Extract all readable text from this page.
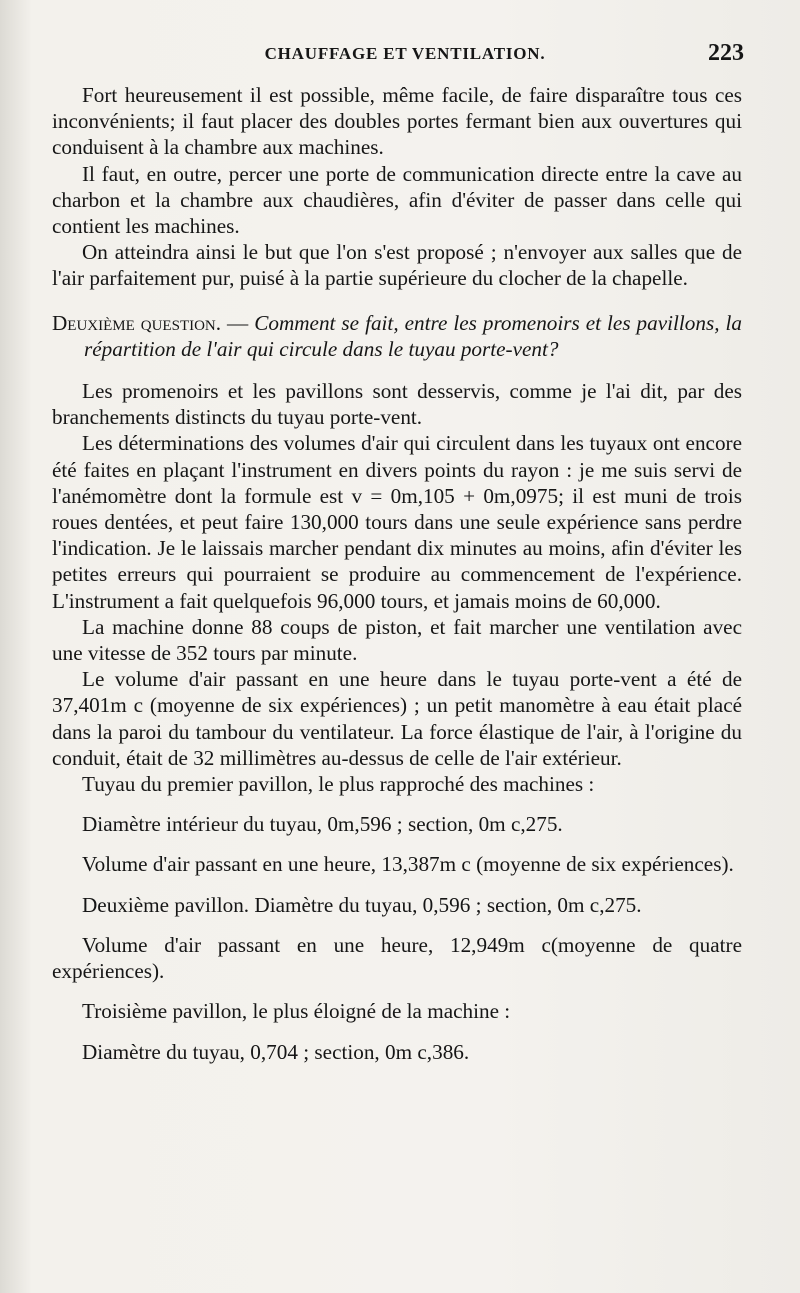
CHAUFFAGE ET VENTILATION.	223

Fort heureusement il est possible, même facile, de faire disparaître tous ces inconvénients; il faut placer des doubles portes fermant bien aux ouvertures qui conduisent à la chambre aux machines.

Il faut, en outre, percer une porte de communication directe entre la cave au charbon et la chambre aux chaudières, afin d'éviter de passer dans celle qui contient les machines.

On atteindra ainsi le but que l'on s'est proposé ; n'envoyer aux salles que de l'air parfaitement pur, puisé à la partie supérieure du clocher de la chapelle.

Deuxième question. — Comment se fait, entre les promenoirs et les pavillons, la répartition de l'air qui circule dans le tuyau porte-vent?

Les promenoirs et les pavillons sont desservis, comme je l'ai dit, par des branchements distincts du tuyau porte-vent.

Les déterminations des volumes d'air qui circulent dans les tuyaux ont encore été faites en plaçant l'instrument en divers points du rayon : je me suis servi de l'anémomètre dont la formule est v = 0m,105 + 0m,0975; il est muni de trois roues dentées, et peut faire 130,000 tours dans une seule expérience sans perdre l'indication. Je le laissais marcher pendant dix minutes au moins, afin d'éviter les petites erreurs qui pourraient se produire au commencement de l'expérience. L'instrument a fait quelquefois 96,000 tours, et jamais moins de 60,000.

La machine donne 88 coups de piston, et fait marcher une ventilation avec une vitesse de 352 tours par minute.

Le volume d'air passant en une heure dans le tuyau porte-vent a été de 37,401m c (moyenne de six expériences) ; un petit manomètre à eau était placé dans la paroi du tambour du ventilateur. La force élastique de l'air, à l'origine du conduit, était de 32 millimètres au-dessus de celle de l'air extérieur.

Tuyau du premier pavillon, le plus rapproché des machines :

Diamètre intérieur du tuyau, 0m,596 ; section, 0m c,275.

Volume d'air passant en une heure, 13,387m c (moyenne de six expériences).

Deuxième pavillon. Diamètre du tuyau, 0,596 ; section, 0m c,275.

Volume d'air passant en une heure, 12,949m c(moyenne de quatre expériences).

Troisième pavillon, le plus éloigné de la machine :

Diamètre du tuyau, 0,704 ; section, 0m c,386.
